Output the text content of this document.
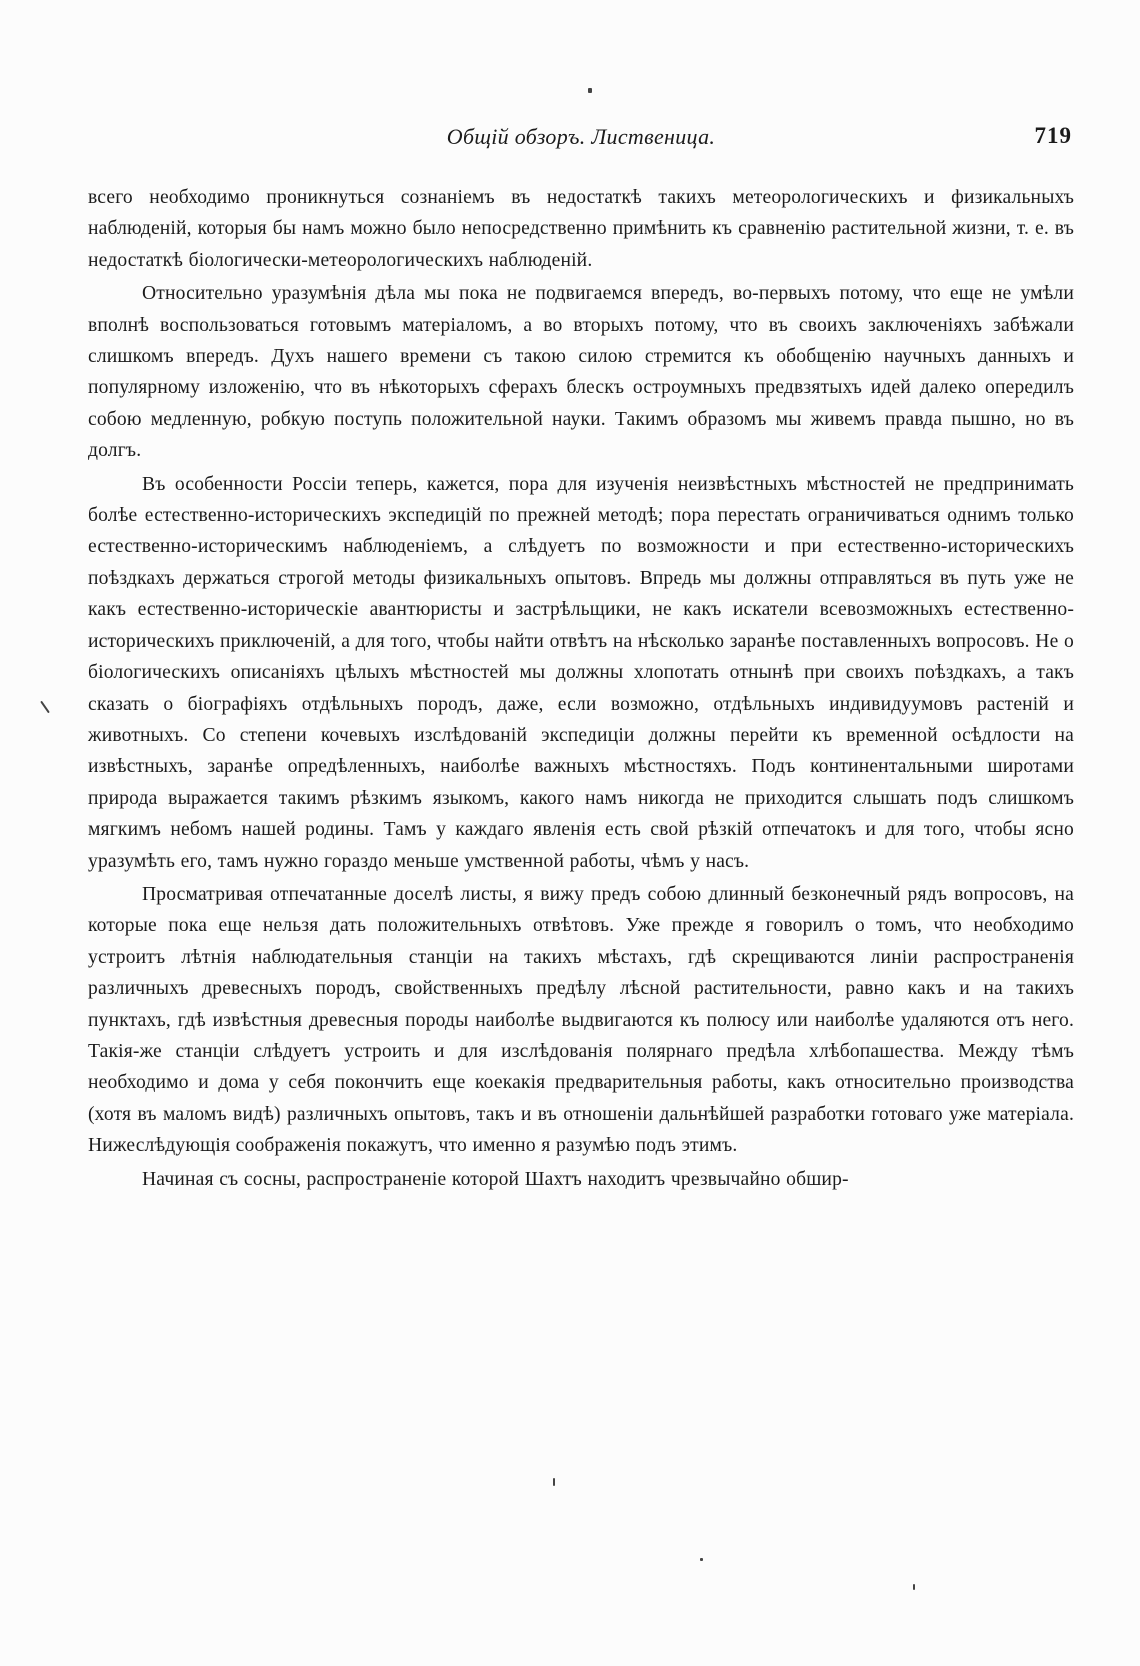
Общій обзоръ. Лиственица.	719

всего необходимо проникнуться сознаніемъ въ недостаткѣ такихъ метеорологическихъ и физикальныхъ наблюденій, которыя бы намъ можно было непосредственно примѣнить къ сравненію растительной жизни, т. е. въ недостаткѣ біологически-метеорологическихъ наблюденій.

Относительно уразумѣнія дѣла мы пока не подвигаемся впередъ, во-первыхъ потому, что еще не умѣли вполнѣ воспользоваться готовымъ матеріаломъ, а во вторыхъ потому, что въ своихъ заключеніяхъ забѣжали слишкомъ впередъ. Духъ нашего времени съ такою силою стремится къ обобщенію научныхъ данныхъ и популярному изложенію, что въ нѣкоторыхъ сферахъ блескъ остроумныхъ предвзятыхъ идей далеко опередилъ собою медленную, робкую поступь положительной науки. Такимъ образомъ мы живемъ правда пышно, но въ долгъ.

Въ особенности Россіи теперь, кажется, пора для изученія неизвѣстныхъ мѣстностей не предпринимать болѣе естественно-историческихъ экспедицій по прежней методѣ; пора перестать ограничиваться однимъ только естественно-историческимъ наблюденіемъ, а слѣдуетъ по возможности и при естественно-историческихъ поѣздкахъ держаться строгой методы физикальныхъ опытовъ. Впредь мы должны отправляться въ путь уже не какъ естественно-историческіе авантюристы и застрѣльщики, не какъ искатели всевозможныхъ естественно-историческихъ приключеній, а для того, чтобы найти отвѣтъ на нѣсколько заранѣе поставленныхъ вопросовъ. Не о біологическихъ описаніяхъ цѣлыхъ мѣстностей мы должны хлопотать отнынѣ при своихъ поѣздкахъ, а такъ сказать о біографіяхъ отдѣльныхъ породъ, даже, если возможно, отдѣльныхъ индивидуумовъ растеній и животныхъ. Со степени кочевыхъ изслѣдованій экспедиціи должны перейти къ временной осѣдлости на извѣстныхъ, заранѣе опредѣленныхъ, наиболѣе важныхъ мѣстностяхъ. Подъ континентальными широтами природа выражается такимъ рѣзкимъ языкомъ, какого намъ никогда не приходится слышать подъ слишкомъ мягкимъ небомъ нашей родины. Тамъ у каждаго явленія есть свой рѣзкій отпечатокъ и для того, чтобы ясно уразумѣть его, тамъ нужно гораздо меньше умственной работы, чѣмъ у насъ.

Просматривая отпечатанные доселѣ листы, я вижу предъ собою длинный безконечный рядъ вопросовъ, на которые пока еще нельзя дать положительныхъ отвѣтовъ. Уже прежде я говорилъ о томъ, что необходимо устроитъ лѣтнія наблюдательныя станціи на такихъ мѣстахъ, гдѣ скрещиваются линіи распространенія различныхъ древесныхъ породъ, свойственныхъ предѣлу лѣсной растительности, равно какъ и на такихъ пунктахъ, гдѣ извѣстныя древесныя породы наиболѣе выдвигаются къ полюсу или наиболѣе удаляются отъ него. Такія-же станціи слѣдуетъ устроить и для изслѣдованія полярнаго предѣла хлѣбопашества. Между тѣмъ необходимо и дома у себя покончить еще коекакія предварительныя работы, какъ относительно производства (хотя въ маломъ видѣ) различныхъ опытовъ, такъ и въ отношеніи дальнѣйшей разработки готоваго уже матеріала. Нижеслѣдующія соображенія покажутъ, что именно я разумѣю подъ этимъ.

Начиная съ сосны, распространеніе которой Шахтъ находитъ чрезвычайно обшир-
